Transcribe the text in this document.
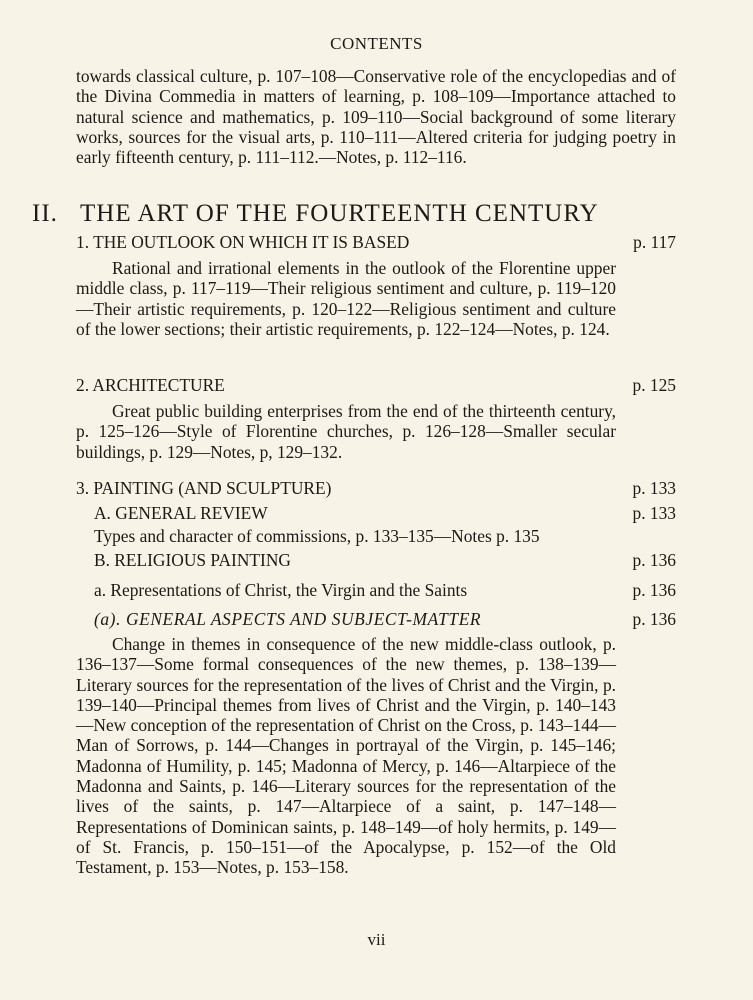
CONTENTS
towards classical culture, p. 107–108—Conservative role of the encyclopedias and of the Divina Commedia in matters of learning, p. 108–109—Importance attached to natural science and mathematics, p. 109–110—Social background of some literary works, sources for the visual arts, p. 110–111—Altered criteria for judging poetry in early fifteenth century, p. 111–112.—Notes, p. 112–116.
II. THE ART OF THE FOURTEENTH CENTURY
1. THE OUTLOOK ON WHICH IT IS BASED	p. 117
Rational and irrational elements in the outlook of the Florentine upper middle class, p. 117–119—Their religious sentiment and culture, p. 119–120—Their artistic requirements, p. 120–122—Religious sentiment and culture of the lower sections; their artistic requirements, p. 122–124—Notes, p. 124.
2. ARCHITECTURE	p. 125
Great public building enterprises from the end of the thirteenth century, p. 125–126—Style of Florentine churches, p. 126–128—Smaller secular buildings, p. 129—Notes, p, 129–132.
3. PAINTING (AND SCULPTURE)	p. 133
A. GENERAL REVIEW	p. 133
Types and character of commissions, p. 133–135—Notes p. 135
B. RELIGIOUS PAINTING	p. 136
a. Representations of Christ, the Virgin and the Saints	p. 136
(a). GENERAL ASPECTS AND SUBJECT-MATTER	p. 136
Change in themes in consequence of the new middle-class outlook, p. 136–137—Some formal consequences of the new themes, p. 138–139—Literary sources for the representation of the lives of Christ and the Virgin, p. 139–140—Principal themes from lives of Christ and the Virgin, p. 140–143—New conception of the representation of Christ on the Cross, p. 143–144—Man of Sorrows, p. 144—Changes in portrayal of the Virgin, p. 145–146; Madonna of Humility, p. 145; Madonna of Mercy, p. 146—Altarpiece of the Madonna and Saints, p. 146—Literary sources for the representation of the lives of the saints, p. 147—Altarpiece of a saint, p. 147–148—Representations of Dominican saints, p. 148–149—of holy hermits, p. 149—of St. Francis, p. 150–151—of the Apocalypse, p. 152—of the Old Testament, p. 153—Notes, p. 153–158.
vii
